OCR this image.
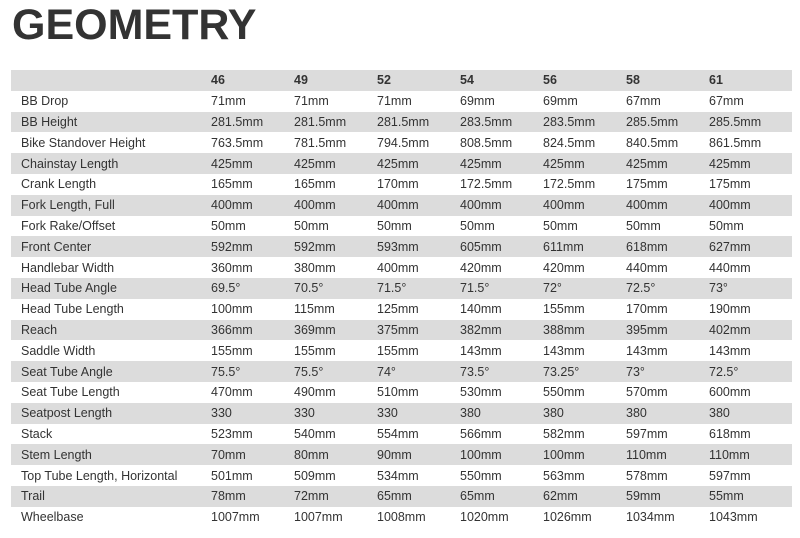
GEOMETRY
	46	49	52	54	56	58	61
BB Drop	71mm	71mm	71mm	69mm	69mm	67mm	67mm
BB Height	281.5mm	281.5mm	281.5mm	283.5mm	283.5mm	285.5mm	285.5mm
Bike Standover Height	763.5mm	781.5mm	794.5mm	808.5mm	824.5mm	840.5mm	861.5mm
Chainstay Length	425mm	425mm	425mm	425mm	425mm	425mm	425mm
Crank Length	165mm	165mm	170mm	172.5mm	172.5mm	175mm	175mm
Fork Length, Full	400mm	400mm	400mm	400mm	400mm	400mm	400mm
Fork Rake/Offset	50mm	50mm	50mm	50mm	50mm	50mm	50mm
Front Center	592mm	592mm	593mm	605mm	611mm	618mm	627mm
Handlebar Width	360mm	380mm	400mm	420mm	420mm	440mm	440mm
Head Tube Angle	69.5°	70.5°	71.5°	71.5°	72°	72.5°	73°
Head Tube Length	100mm	115mm	125mm	140mm	155mm	170mm	190mm
Reach	366mm	369mm	375mm	382mm	388mm	395mm	402mm
Saddle Width	155mm	155mm	155mm	143mm	143mm	143mm	143mm
Seat Tube Angle	75.5°	75.5°	74°	73.5°	73.25°	73°	72.5°
Seat Tube Length	470mm	490mm	510mm	530mm	550mm	570mm	600mm
Seatpost Length	330	330	330	380	380	380	380
Stack	523mm	540mm	554mm	566mm	582mm	597mm	618mm
Stem Length	70mm	80mm	90mm	100mm	100mm	110mm	110mm
Top Tube Length, Horizontal	501mm	509mm	534mm	550mm	563mm	578mm	597mm
Trail	78mm	72mm	65mm	65mm	62mm	59mm	55mm
Wheelbase	1007mm	1007mm	1008mm	1020mm	1026mm	1034mm	1043mm
